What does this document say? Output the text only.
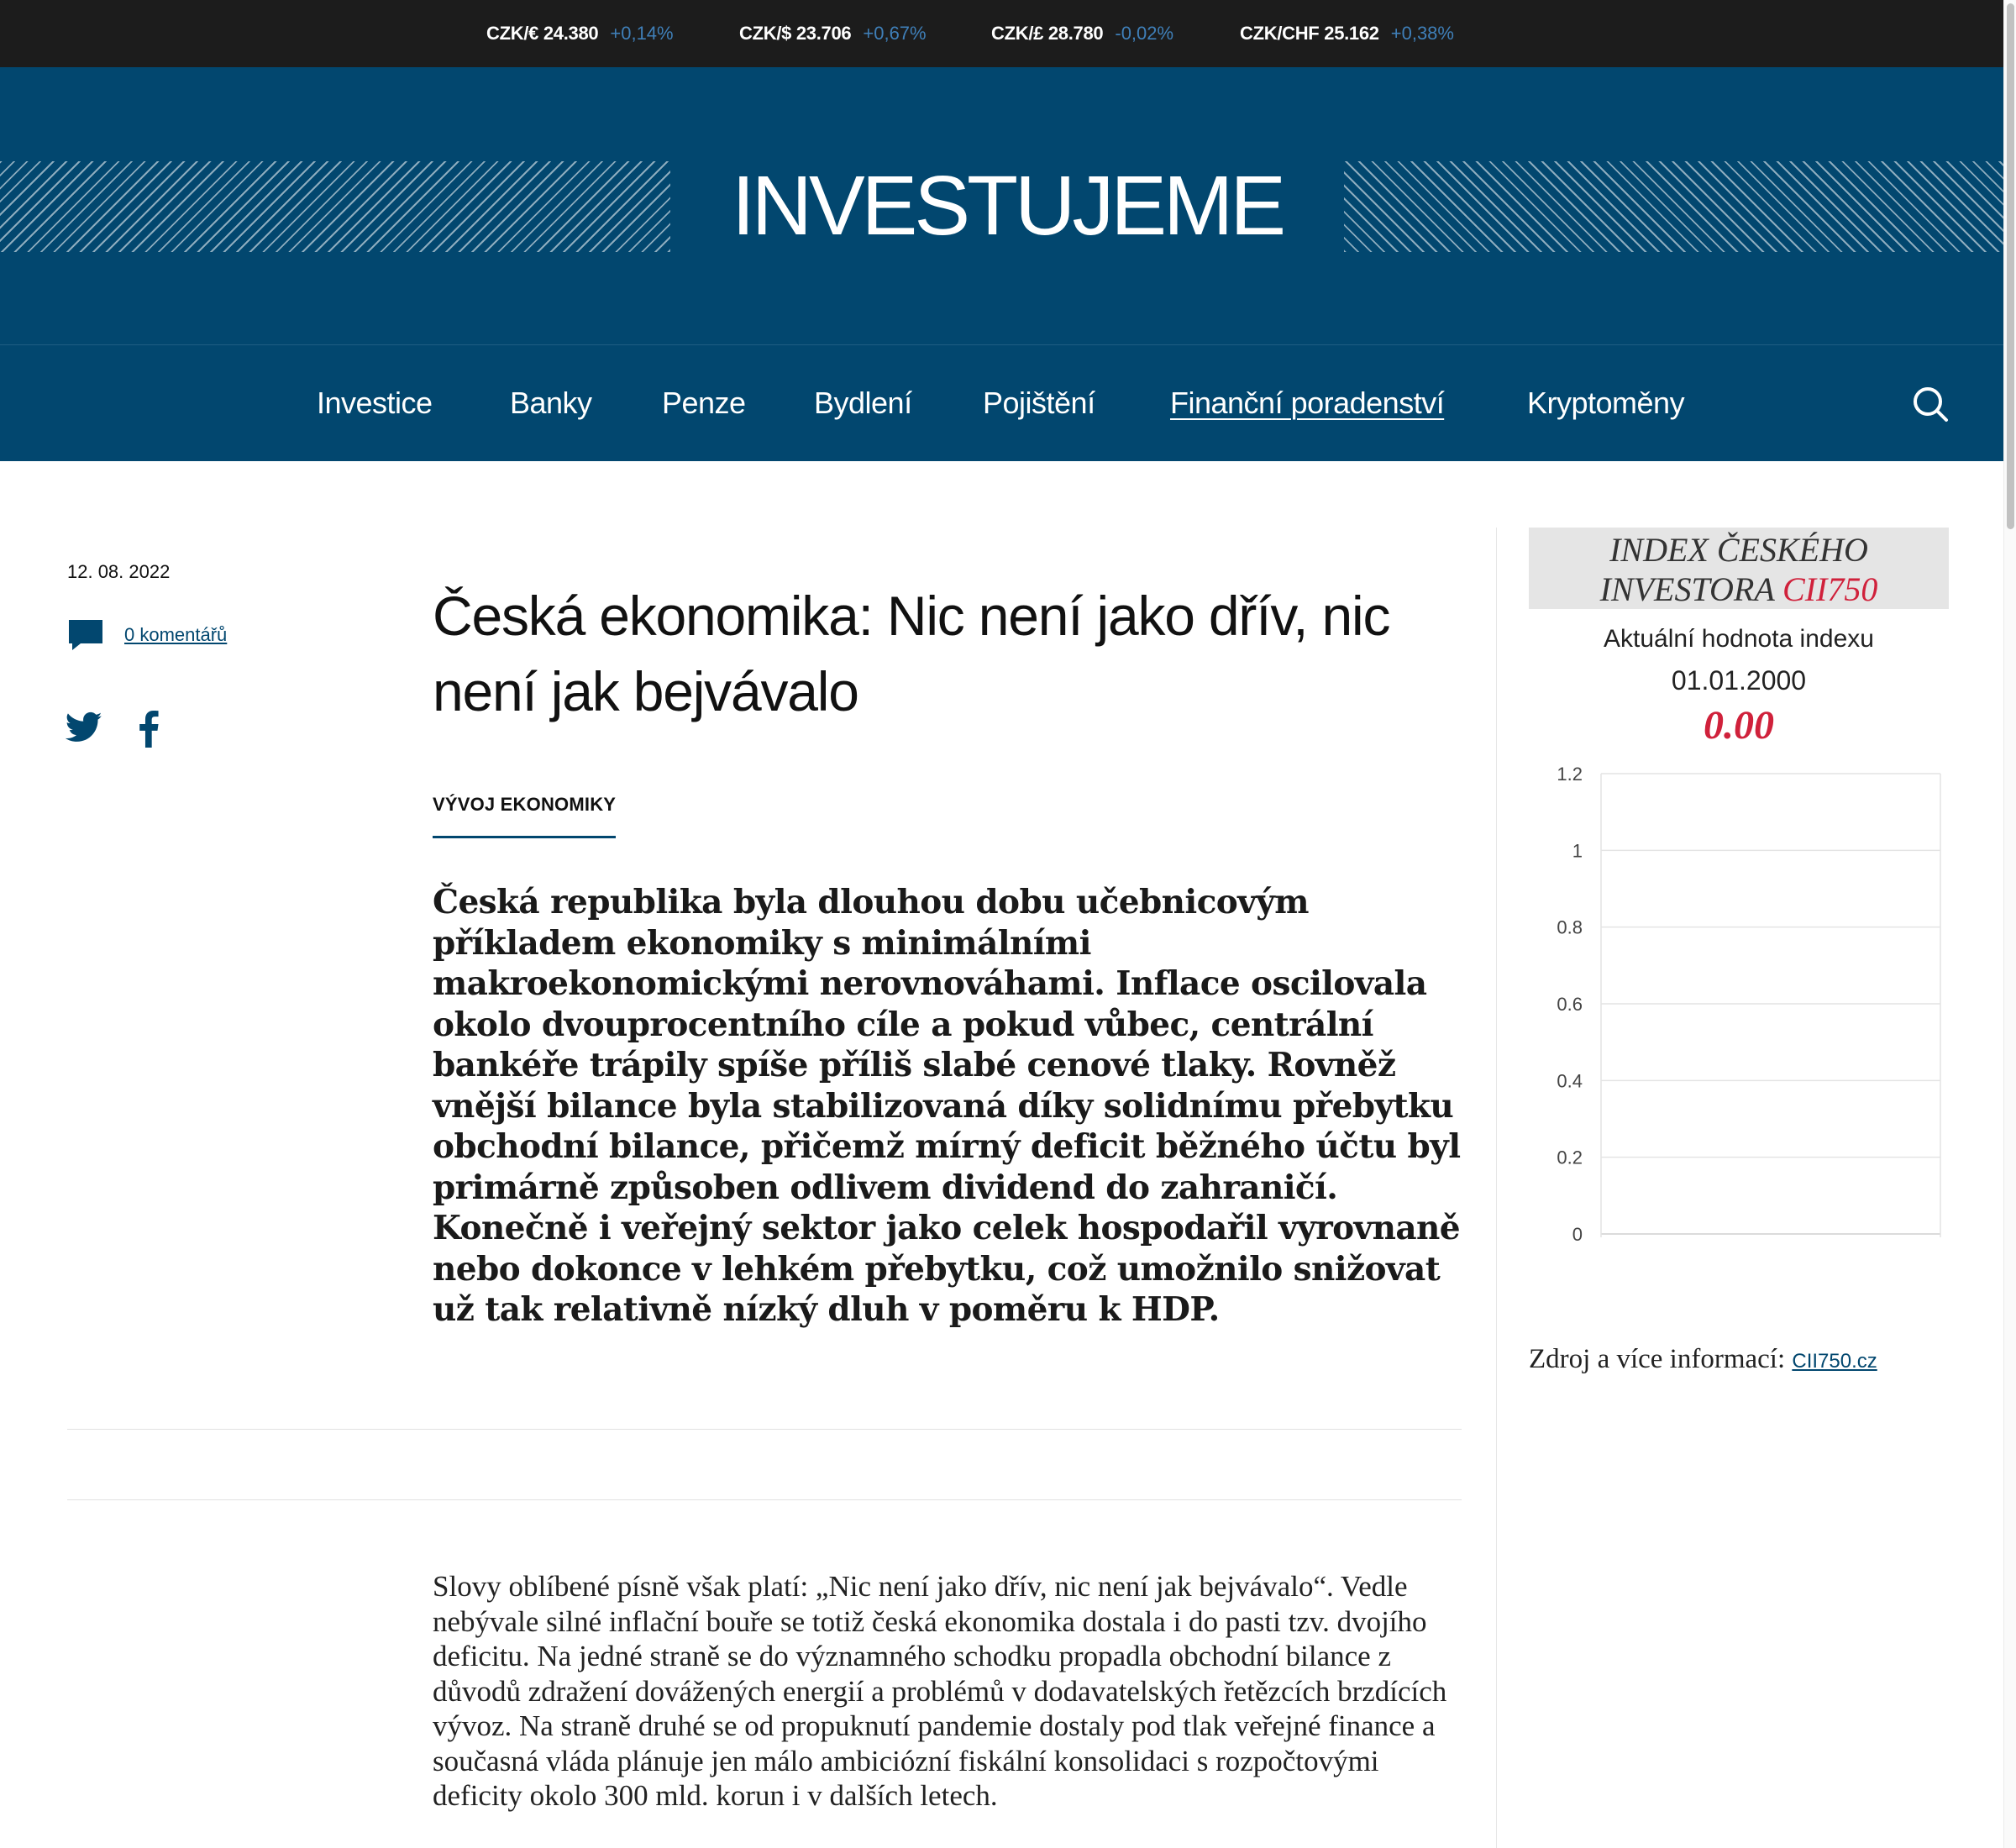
CZK/€ 24.380 +0,14%	CZK/$ 23.706 +0,67%	CZK/£ 28.780 -0,02%	CZK/CHF 25.162 +0,38%
INVESTUJEME
Investice	Banky Penze Bydlení Pojištění Finanční poradenství	Kryptoměny
12. 08. 2022
0 komentářů	Česká ekonomika: Nic není jako dřív, nic není jak bejvávalo
VÝVOJ EKONOMIKY

Česká republika byla dlouhou dobu učebnicovým příkladem ekonomiky s minimálními makroekonomickými nerovnováhami. Inflace oscilovala okolo dvouprocentního cíle a pokud vůbec, centrální bankéře trápily spíše příliš slabé cenové tlaky. Rovněž vnější bilance byla stabilizovaná díky solidnímu přebytku obchodní bilance, přičemž mírný deficit běžného účtu byl primárně způsoben odlivem dividend do zahraničí. Konečně i veřejný sektor jako celek hospodařil vyrovnaně nebo dokonce v lehkém přebytku, což umožnilo snižovat už tak relativně nízký dluh v poměru k HDP.

Slovy oblíbené písně však platí: „Nic není jako dřív, nic není jak bejvávalo“. Vedle nebývale silné inflační bouře se totiž česká ekonomika dostala i do pasti tzv. dvojího deficitu. Na jedné straně se do významného schodku propadla obchodní bilance z důvodů zdražení dovážených energií a problémů v dodavatelských řetězcích brzdících vývoz. Na straně druhé se od propuknutí pandemie dostaly pod tlak veřejné finance a současná vláda plánuje jen málo ambiciózní fiskální konsolidaci s rozpočtovými deficity okolo 300 mld. korun i v dalších letech.

INDEX ČESKÉHO INVESTORA CII750
Aktuální hodnota indexu
01.01.2000
0.00
1.2
1
0.8
0.6
0.4
0.2
0
Zdroj a více informací: CII750.cz
